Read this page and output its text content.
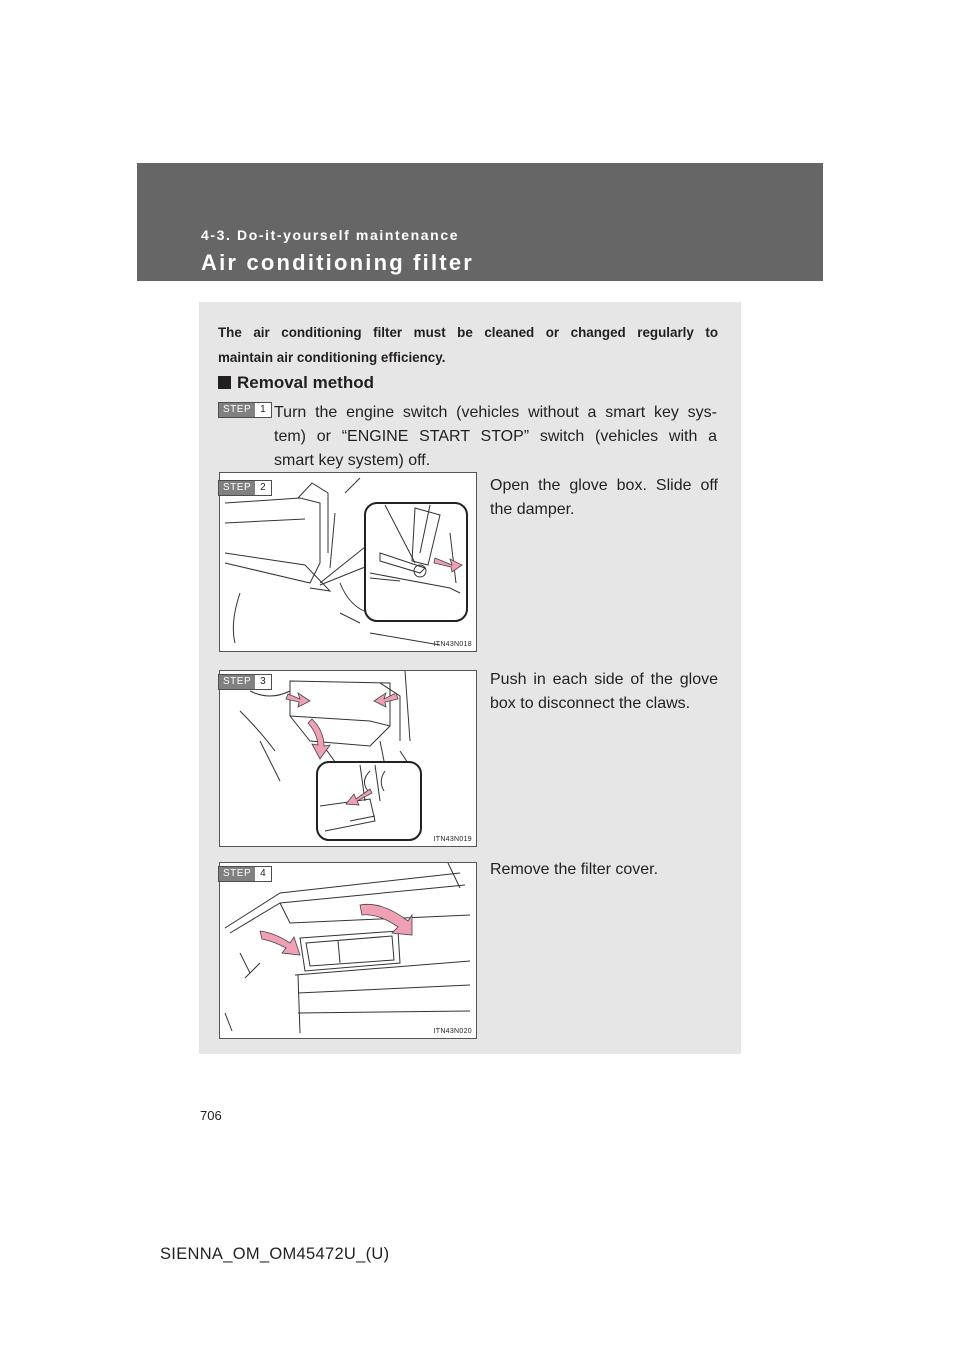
4-3. Do-it-yourself maintenance
Air conditioning filter
The air conditioning filter must be cleaned or changed regularly to
maintain air conditioning efficiency.
Removal method
STEP 1 Turn the engine switch (vehicles without a smart key sys-
tem) or “ENGINE START STOP” switch (vehicles with a
smart key system) off.
ITN43N018
STEP 2	Open the glove box. Slide off
the damper.
ITN43N019
STEP 3	Push in each side of the glove
box to disconnect the claws.
ITN43N020
STEP 4	Remove the filter cover.
706
SIENNA_OM_OM45472U_(U)
